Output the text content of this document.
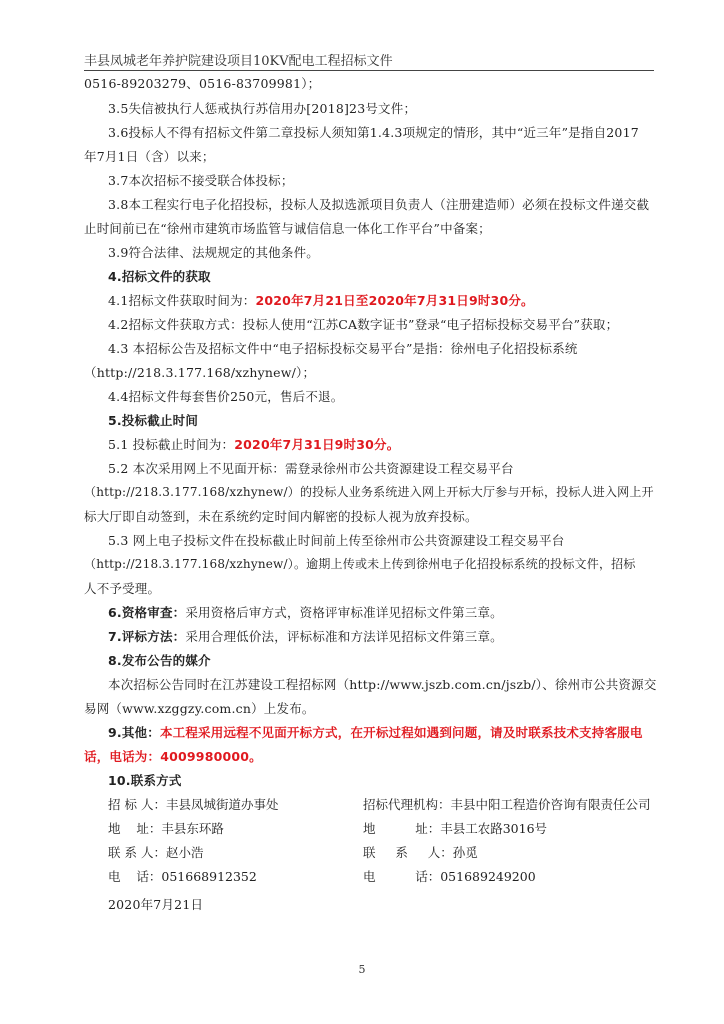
丰县凤城老年养护院建设项目10KV配电工程招标文件
0516-89203279、0516-83709981）；
3.5失信被执行人惩戒执行苏信用办[2018]23号文件；
3.6投标人不得有招标文件第二章投标人须知第1.4.3项规定的情形，其中“近三年”是指自2017
年7月1日（含）以来；
3.7本次招标不接受联合体投标；
3.8本工程实行电子化招投标，投标人及拟选派项目负责人（注册建造师）必须在投标文件递交截
止时间前已在“徐州市建筑市场监管与诚信信息一体化工作平台”中备案；
3.9符合法律、法规规定的其他条件。
4.招标文件的获取
4.1招标文件获取时间为：2020年7月21日至2020年7月31日9时30分。
4.2招标文件获取方式：投标人使用“江苏CA数字证书”登录“电子招标投标交易平台”获取；
4.3 本招标公告及招标文件中“电子招标投标交易平台”是指：徐州电子化招投标系统
（http://218.3.177.168/xzhynew/）；
4.4招标文件每套售价250元，售后不退。
5.投标截止时间
5.1 投标截止时间为：2020年7月31日9时30分。
5.2 本次采用网上不见面开标：需登录徐州市公共资源建设工程交易平台
（http://218.3.177.168/xzhynew/）的投标人业务系统进入网上开标大厅参与开标，投标人进入网上开
标大厅即自动签到，未在系统约定时间内解密的投标人视为放弃投标。
5.3 网上电子投标文件在投标截止时间前上传至徐州市公共资源建设工程交易平台
（http://218.3.177.168/xzhynew/）。逾期上传或未上传到徐州电子化招投标系统的投标文件，招标
人不予受理。
6.资格审查：采用资格后审方式，资格评审标准详见招标文件第三章。
7.评标方法：采用合理低价法，评标标准和方法详见招标文件第三章。
8.发布公告的媒介
本次招标公告同时在江苏建设工程招标网（http://www.jszb.com.cn/jszb/）、徐州市公共资源交
易网（www.xzggzy.com.cn）上发布。
9.其他：本工程采用远程不见面开标方式，在开标过程如遇到问题，请及时联系技术支持客服电
话，电话为：4009980000。
10.联系方式
招 标 人：丰县凤城街道办事处
地    址：丰县东环路
联 系 人：赵小浩
电    话：051668912352
招标代理机构：丰县中阳工程造价咨询有限责任公司
地          址：丰县工农路3016号
联     系     人：孙觅
电          话：051689249200
2020年7月21日
5
